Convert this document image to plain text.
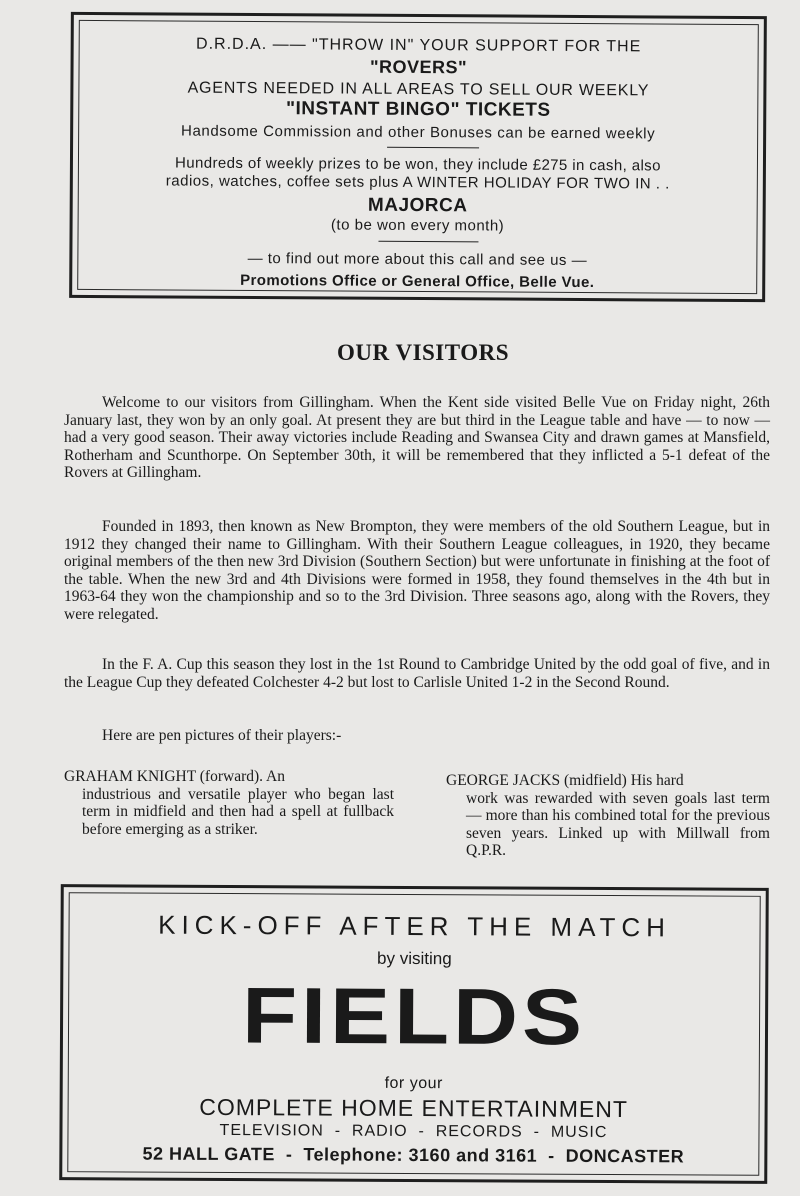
D.R.D.A. —— "THROW IN" YOUR SUPPORT FOR THE
"ROVERS"
AGENTS NEEDED IN ALL AREAS TO SELL OUR WEEKLY
"INSTANT BINGO" TICKETS
Handsome Commission and other Bonuses can be earned weekly
Hundreds of weekly prizes to be won, they include £275 in cash, also
radios, watches, coffee sets plus A WINTER HOLIDAY FOR TWO IN . .
MAJORCA
(to be won every month)
— to find out more about this call and see us —
Promotions Office or General Office, Belle Vue.
OUR VISITORS

Welcome to our visitors from Gillingham. When the Kent side visited Belle Vue on Friday night, 26th January last, they won by an only goal. At present they are but third in the League table and have — to now — had a very good season. Their away victories include Reading and Swansea City and drawn games at Mansfield, Rotherham and Scunthorpe. On September 30th, it will be remembered that they inflicted a 5-1 defeat of the Rovers at Gillingham.

Founded in 1893, then known as New Brompton, they were members of the old Southern League, but in 1912 they changed their name to Gillingham. With their Southern League colleagues, in 1920, they became original members of the then new 3rd Division (Southern Section) but were unfortunate in finishing at the foot of the table. When the new 3rd and 4th Divisions were formed in 1958, they found themselves in the 4th but in 1963-64 they won the championship and so to the 3rd Division. Three seasons ago, along with the Rovers, they were relegated.

In the F. A. Cup this season they lost in the 1st Round to Cambridge United by the odd goal of five, and in the League Cup they defeated Colchester 4-2 but lost to Carlisle United 1-2 in the Second Round.

Here are pen pictures of their players:-

GRAHAM KNIGHT (forward). An
industrious and versatile player who began last term in midfield and then had a spell at fullback before emerging as a striker.
GEORGE JACKS (midfield) His hard
work was rewarded with seven goals last term — more than his combined total for the previous seven years. Linked up with Millwall from Q.P.R.
KICK-OFF AFTER THE MATCH
by visiting
FIELDS
for your
COMPLETE HOME ENTERTAINMENT
TELEVISION  -  RADIO  -  RECORDS  -  MUSIC
52 HALL GATE  -  Telephone: 3160 and 3161  -  DONCASTER
